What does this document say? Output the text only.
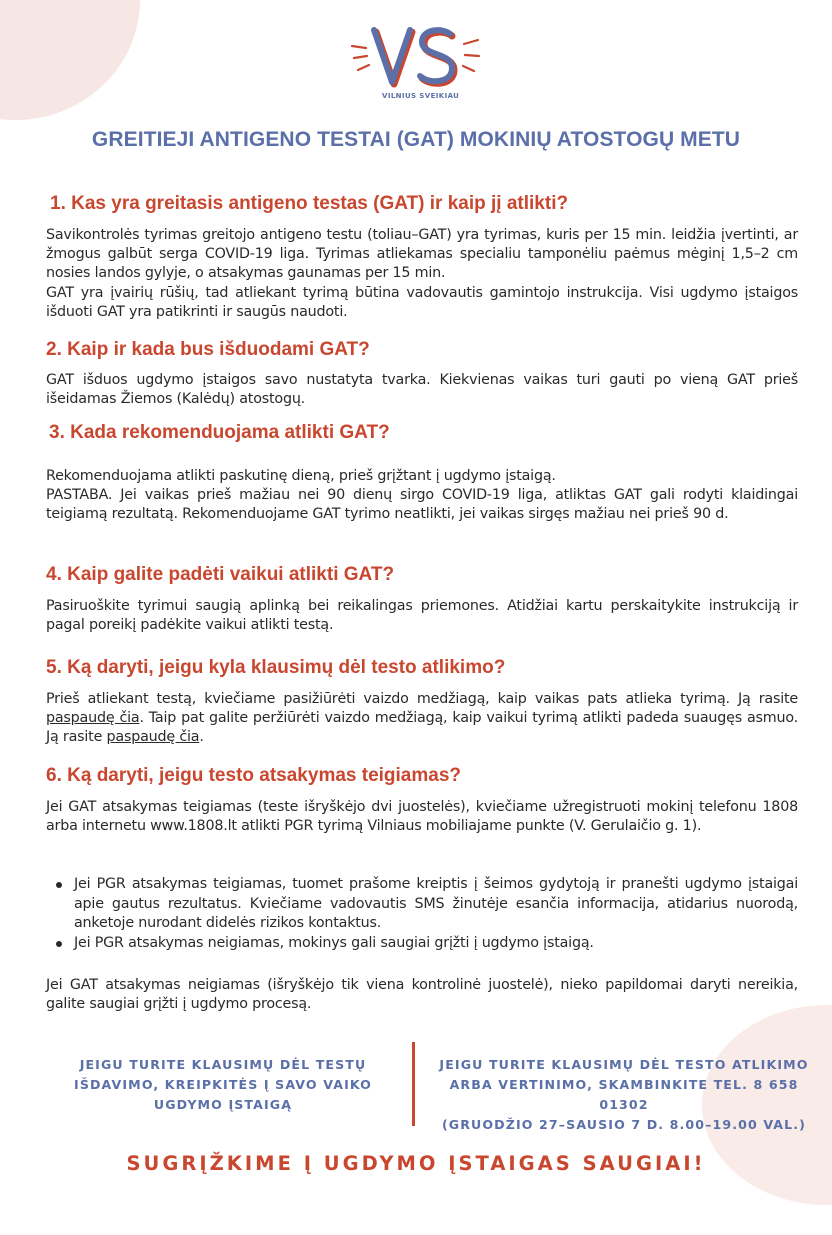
VILNIUS SVEIKIAU
GREITIEJI ANTIGENO TESTAI (GAT) MOKINIŲ ATOSTOGŲ METU
1. Kas yra greitasis antigeno testas (GAT) ir kaip jį atlikti?

Savikontrolės tyrimas greitojo antigeno testu (toliau–GAT) yra tyrimas, kuris per 15 min. leidžia įvertinti, ar žmogus galbūt serga COVID-19 liga. Tyrimas atliekamas specialiu tamponėliu paėmus mėginį 1,5–2 cm nosies landos gylyje, o atsakymas gaunamas per 15 min.

GAT yra įvairių rūšių, tad atliekant tyrimą būtina vadovautis gamintojo instrukcija. Visi ugdymo įstaigos išduoti GAT yra patikrinti ir saugūs naudoti.

2. Kaip ir kada bus išduodami GAT?

GAT išduos ugdymo įstaigos savo nustatyta tvarka. Kiekvienas vaikas turi gauti po vieną GAT prieš išeidamas Žiemos (Kalėdų) atostogų.

3. Kada rekomenduojama atlikti GAT?

Rekomenduojama atlikti paskutinę dieną, prieš grįžtant į ugdymo įstaigą.

PASTABA. Jei vaikas prieš mažiau nei 90 dienų sirgo COVID-19 liga, atliktas GAT gali rodyti klaidingai teigiamą rezultatą. Rekomenduojame GAT tyrimo neatlikti, jei vaikas sirgęs mažiau nei prieš 90 d.

4. Kaip galite padėti vaikui atlikti GAT?

Pasiruoškite tyrimui saugią aplinką bei reikalingas priemones. Atidžiai kartu perskaitykite instrukciją ir pagal poreikį padėkite vaikui atlikti testą.

5. Ką daryti, jeigu kyla klausimų dėl testo atlikimo?

Prieš atliekant testą, kviečiame pasižiūrėti vaizdo medžiagą, kaip vaikas pats atlieka tyrimą. Ją rasite paspaudę čia. Taip pat galite peržiūrėti vaizdo medžiagą, kaip vaikui tyrimą atlikti padeda suaugęs asmuo. Ją rasite paspaudę čia.

6. Ką daryti, jeigu testo atsakymas teigiamas?

Jei GAT atsakymas teigiamas (teste išryškėjo dvi juostelės), kviečiame užregistruoti mokinį telefonu 1808 arba internetu www.1808.lt atlikti PGR tyrimą Vilniaus mobiliajame punkte (V. Gerulaičio g. 1).

Jei PGR atsakymas teigiamas, tuomet prašome kreiptis į šeimos gydytoją ir pranešti ugdymo įstaigai apie gautus rezultatus. Kviečiame vadovautis SMS žinutėje esančia informacija, atidarius nuorodą, anketoje nurodant didelės rizikos kontaktus.
Jei PGR atsakymas neigiamas, mokinys gali saugiai grįžti į ugdymo įstaigą.

Jei GAT atsakymas neigiamas (išryškėjo tik viena kontrolinė juostelė), nieko papildomai daryti nereikia, galite saugiai grįžti į ugdymo procesą.

JEIGU TURITE KLAUSIMŲ DĖL TESTŲ
IŠDAVIMO, KREIPKITĖS Į SAVO VAIKO
UGDYMO ĮSTAIGĄ
JEIGU TURITE KLAUSIMŲ DĖL TESTO ATLIKIMO
ARBA VERTINIMO, SKAMBINKITE TEL. 8 658 01302
(GRUODŽIO 27–SAUSIO 7 D. 8.00–19.00 VAL.)
SUGRĮŽKIME Į UGDYMO ĮSTAIGAS SAUGIAI!
